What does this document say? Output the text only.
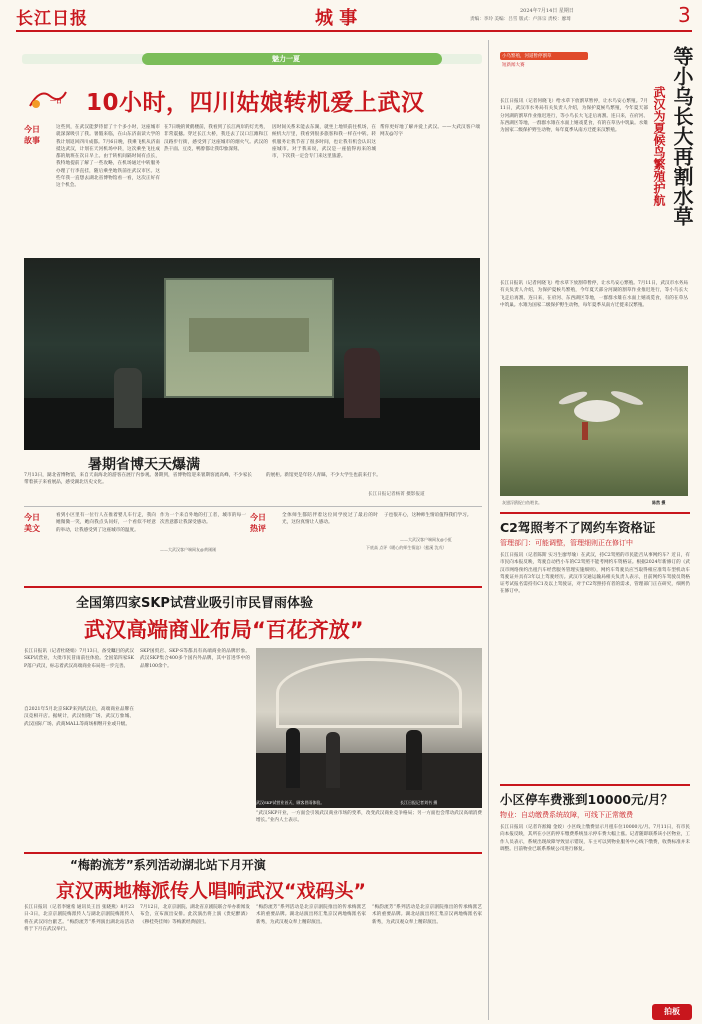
长江日报	城 事	2024年7月14日 星期日
责编：李玲 美编：吕雪 版式：卢泽宗 责校：廖琦	3
魅力一夏
一日 10小时，四川姑娘转机爱上武汉
今日
故事
这些到，在武汉能梦待留了十个多小时，这座城市就深深吸引了我。暑假来临，在山东济南读大学的我计划返回四川成都。7月6日晚，我乘飞机从济南抵达武汉，计划在天河机场中转，这次乘坐飞往成都的航班在次日早上。由于转机间隔时间有点长，我特地提前了解了一些攻略，在机场通过中转服务办理了行李直挂，随后乘坐地铁前往武汉市区。这些年我一直想去湖北省博物馆看一看，这次正好有这个机会。
在7日晚的黄鹤楼前，我看到了长江两岸的灯光秀，非常震撼。穿过长江大桥，我还去了汉口江滩和江汉路步行街，感受到了这座城市的烟火气。武汉的热干面、豆皮、鸭脖都让我印象深刻。
因时间关系未能去东湖，就坐上地铁前往机场，在候机大厅里，我看到很多旅客和我一样在中转。转机服务让我节省了很多时间，也让我有机会认识这座城市。对于我来说，武汉是一座值得再来的城市，下次我一定会专门来这里旅游。
帮你更好地了解并爱上武汉。——大武汉客户端网友@写字
暑期省博天天爆满
7月13日，湖北省博物馆，来自天南海北的游客在展厅内参观。暑期到，省博物馆迎来暑期客流高峰，不少家长带着孩子来看展品，感受湖北历史文化。
的展柜。新馆更是年轻人青睐，不少大学生也前来打卡。
长江日报记者杨菁 摄影报道
今日
美文
看到小区里有一位行人在推着婴儿车行走，我向她微微一笑，她向我点头问好，一个看似不经意的举动，让我感受到了这座城市的温度。
作为一个来自外地的打工者，城市的每一次善意都让我深受感动。
——大武汉客户端网友@黄刚刚
今日
热评
全体师生都陪伴着这位同学度过了最后的时光，这份真情让人感动。
子也很开心，这种师生情谊值得我们学习。
——大武汉客户端网友@小虹
下底高 点评《暖心的师生情谊》（慈溪 沈戊）
全国第四家SKP试营业吸引市民冒雨体验
武汉高端商业布局“百花齐放”
长江日报讯（记者杜晓娟）7月13日，备受瞩目的武汉SKP试营业，大批市民冒雨前往体验。全国第四家SKP落户武汉，标志着武汉高端商业布局进一步完善。
自2021年5月北京SKP来到武汉后，高端商业品牌在汉竞相开店。据统计，武汉恒隆广场、武汉万象城、武汉国际广场、武商MALL等商场相继开业或升级。
SKP国贸店、SKP-S等都具有高端商业的品牌形象。武汉SKP集合400多个国内外品牌，其中首进华中的品牌100余个。
“武汉SKP开业，一方面会引领武汉商业市场的变革，改变武汉商业竞争格局；另一方面也会带动武汉高端消费增长。”业内人士表示。
武汉SKP试营业首天，顾客冒雨体验。	长江日报记者刘书 摄
“梅韵流芳”系列活动湖北站下月开演
京汉两地梅派传人唱响武汉“戏码头”
长江日报讯（记者李娅希 通讯员王昌 张晓燕）8月23日-3日，北京京剧院梅派传人与湖北京剧院梅派传人将在武汉同台献艺。“梅韵流芳”系列演出湖北站活动将于下月在武汉举行。
7月12日，北京京剧院、湖北省京剧院联合举办新闻发布会，宣布演出安排。此次演出将上演《贵妃醉酒》《穆桂英挂帅》等梅派经典剧目。
“梅韵流芳”系列活动是北京京剧院推出的传承梅派艺术的重要品牌。湖北站演出将汇集京汉两地梅派名家新秀，为武汉观众奉上精彩演出。
“梅韵流芳”系列活动是北京京剧院推出的传承梅派艺术的重要品牌。湖北站演出将汇集京汉两地梅派名家新秀，为武汉观众奉上精彩演出。
小乌繁殖，河道暂停割草
短新闻大赛	等小乌长大再割水草
武汉为夏候鸟繁殖护航
长江日报讯（记者何晓飞）给水草下放割草暂停，让水鸟安心繁殖。7月11日，武汉市水务局有关负责人介绍，为保护夏候鸟繁殖，今年夏天部分河湖的割草作业推迟进行，等小鸟长大飞走后再割。连日来，在府河、东西湖区等地，一群群水雉在水面上嬉戏觅食，有的在草丛中筑巢。水雉为国家二级保护野生动物，每年夏季从南方迁徙来汉繁殖。
长江日报讯（记者何晓飞）给水草下放割草暂停，让水鸟安心繁殖。7月11日，武汉市水务局有关负责人介绍，为保护夏候鸟繁殖，今年夏天部分河湖的割草作业推迟进行，等小鸟长大飞走后再割。连日来，在府河、东西湖区等地，一群群水雉在水面上嬉戏觅食，有的在草丛中筑巢。水雉为国家二级保护野生动物，每年夏季从南方迁徙来汉繁殖。
灰翅浮鸥捉白鱼喂食。	陈然 摄
C2驾照考不了网约车资格证
管理部门：可能调整，管理细则正在修订中
长江日报讯（记者陈斯 实习生廖琴瑜）在武汉，持C2驾照的市民能否从事网约车？近日，有市民向本报反映，驾驶自动挡小车的C2驾照不能考网约车资格证。根据2024年新修订的《武汉市网络预约出租汽车经营服务管理实施细则》，网约车驾驶员应当取得相应准驾车型机动车驾驶证并具有3年以上驾驶经历。武汉市交通运输局相关负责人表示，目前网约车驾驶员资格证考试报名需持有C1及以上驾驶证，对于C2驾照持有者的需求，管理部门正在研究，细则仍在修订中。
小区停车费涨到10000元/月？
物业：自动缴费系统故障，可线下正常缴费
长江日报讯（记者许淞翰 金姣）小区线上缴费显示月租车位10000元/月。7月11日，有市民向本报反映，其所在小区的停车缴费系统显示停车费大幅上涨。记者随即联系该小区物业，工作人员表示，系统出现故障导致显示错误，车主可以到物业服务中心线下缴费，收费标准并未调整。目前物业已联系系统公司进行修复。
拍板
